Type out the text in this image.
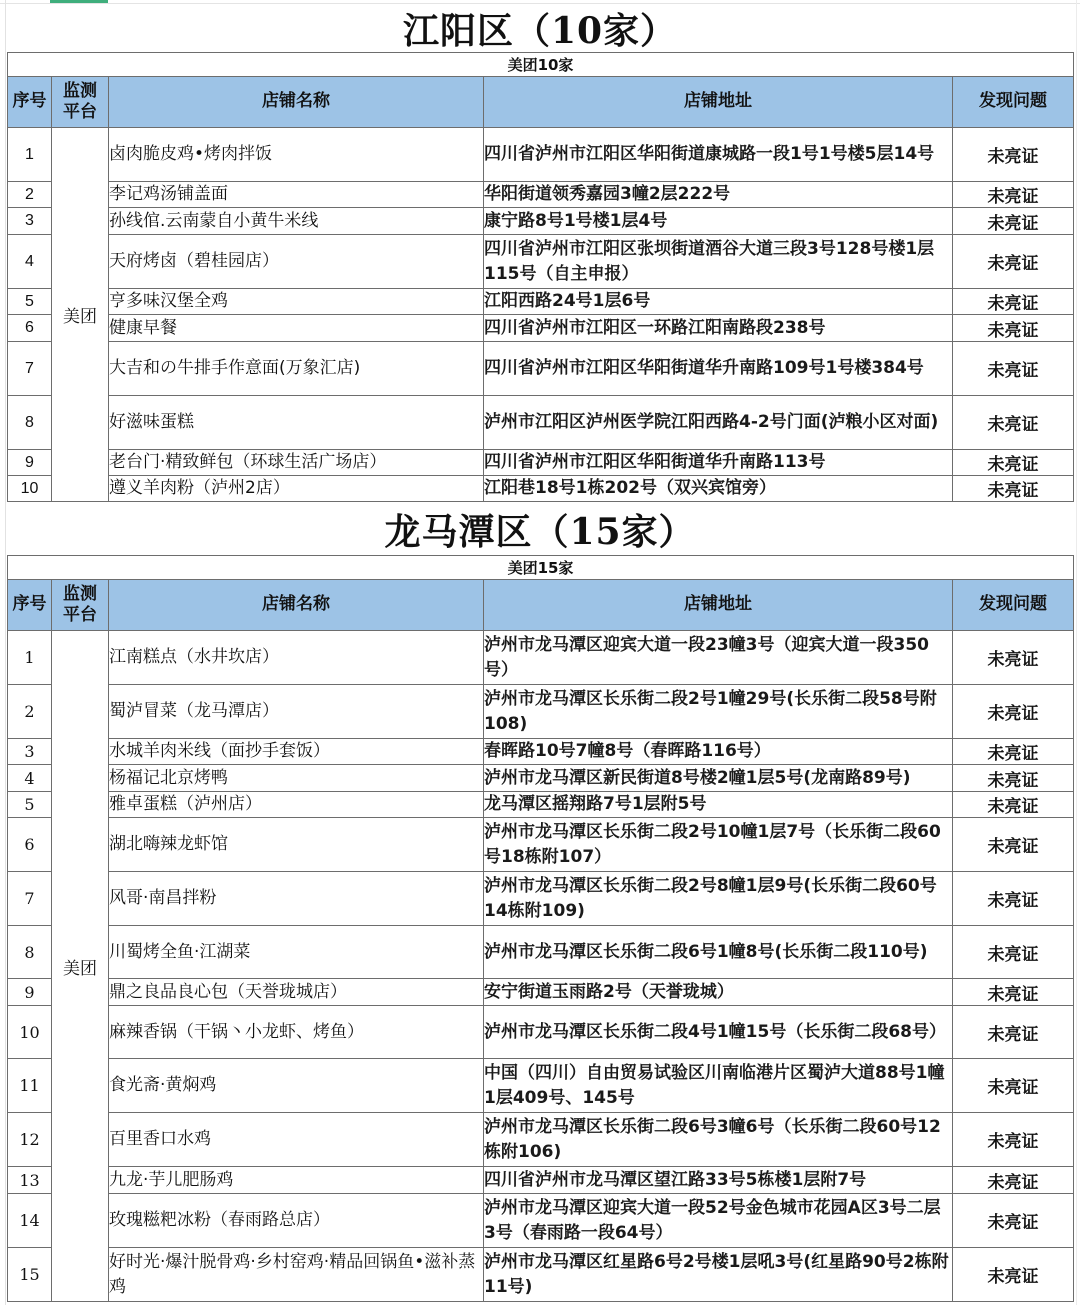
江阳区（10家）
美团10家				
序号	监测平台	店铺名称	店铺地址	发现问题
1	美团	卤肉脆皮鸡•烤肉拌饭	四川省泸州市江阳区华阳街道康城路一段1号1号楼5层14号	未亮证
2		李记鸡汤铺盖面	华阳街道领秀嘉园3幢2层222号	未亮证
3		孙线倌.云南蒙自小黄牛米线	康宁路8号1号楼1层4号	未亮证
4		天府烤卤（碧桂园店）	四川省泸州市江阳区张坝街道酒谷大道三段3号128号楼1层115号（自主申报）	未亮证
5		亨多味汉堡全鸡	江阳西路24号1层6号	未亮证
6		健康早餐	四川省泸州市江阳区一环路江阳南路段238号	未亮证
7		大吉和の牛排手作意面(万象汇店)	四川省泸州市江阳区华阳街道华升南路109号1号楼384号	未亮证
8		好滋味蛋糕	泸州市江阳区泸州医学院江阳西路4-2号门面(泸粮小区对面)	未亮证
9		老台门·精致鲜包（环球生活广场店）	四川省泸州市江阳区华阳街道华升南路113号	未亮证
10		遵义羊肉粉（泸州2店）	江阳巷18号1栋202号（双兴宾馆旁）	未亮证
龙马潭区（15家）
美团15家				
序号	监测平台	店铺名称	店铺地址	发现问题
1	美团	江南糕点（水井坎店）	泸州市龙马潭区迎宾大道一段23幢3号（迎宾大道一段350号）	未亮证
2		蜀泸冒菜（龙马潭店）	泸州市龙马潭区长乐街二段2号1幢29号(长乐街二段58号附108)	未亮证
3		水城羊肉米线（面抄手套饭）	春晖路10号7幢8号（春晖路116号）	未亮证
4		杨福记北京烤鸭	泸州市龙马潭区新民街道8号楼2幢1层5号(龙南路89号)	未亮证
5		雅卓蛋糕（泸州店）	龙马潭区摇翔路7号1层附5号	未亮证
6		湖北嗨辣龙虾馆	泸州市龙马潭区长乐街二段2号10幢1层7号（长乐街二段60号18栋附107）	未亮证
7		风哥·南昌拌粉	泸州市龙马潭区长乐街二段2号8幢1层9号(长乐街二段60号14栋附109)	未亮证
8		川蜀烤全鱼·江湖菜	泸州市龙马潭区长乐街二段6号1幢8号(长乐街二段110号)	未亮证
9		鼎之良品良心包（天誉珑城店）	安宁街道玉雨路2号（天誉珑城）	未亮证
10		麻辣香锅（干锅丶小龙虾、烤鱼）	泸州市龙马潭区长乐街二段4号1幢15号（长乐街二段68号）	未亮证
11		食光斋·黄焖鸡	中国（四川）自由贸易试验区川南临港片区蜀泸大道88号1幢1层409号、145号	未亮证
12		百里香口水鸡	泸州市龙马潭区长乐街二段6号3幢6号（长乐街二段60号12栋附106)	未亮证
13		九龙·芋儿肥肠鸡	四川省泸州市龙马潭区望江路33号5栋楼1层附7号	未亮证
14		玫瑰糍粑冰粉（春雨路总店）	泸州市龙马潭区迎宾大道一段52号金色城市花园A区3号二层3号（春雨路一段64号）	未亮证
15		好时光·爆汁脱骨鸡·乡村窑鸡·精品回锅鱼•滋补蒸鸡	泸州市龙马潭区红星路6号2号楼1层吼3号(红星路90号2栋附11号)	未亮证
